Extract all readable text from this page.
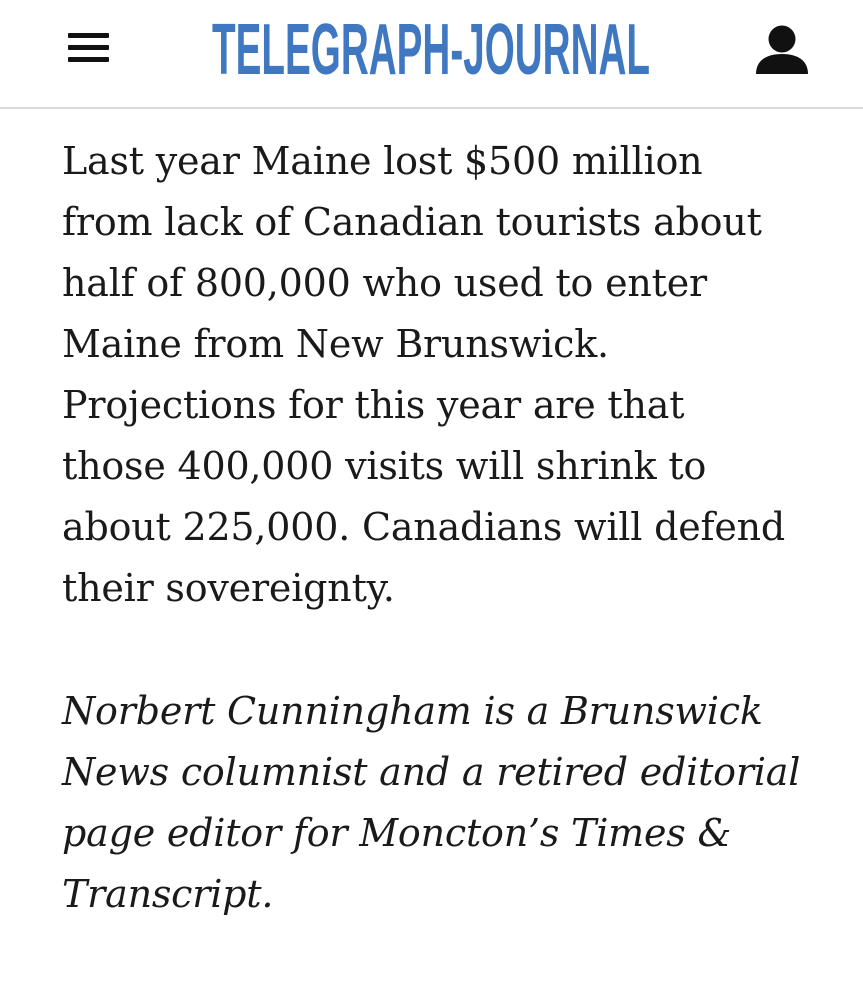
TELEGRAPH-JOURNAL

Last year Maine lost $500 million
from lack of Canadian tourists about
half of 800,000 who used to enter
Maine from New Brunswick.
Projections for this year are that
those 400,000 visits will shrink to
about 225,000. Canadians will defend
their sovereignty.

Norbert Cunningham is a Brunswick
News columnist and a retired editorial
page editor for Moncton’s Times &
Transcript.
